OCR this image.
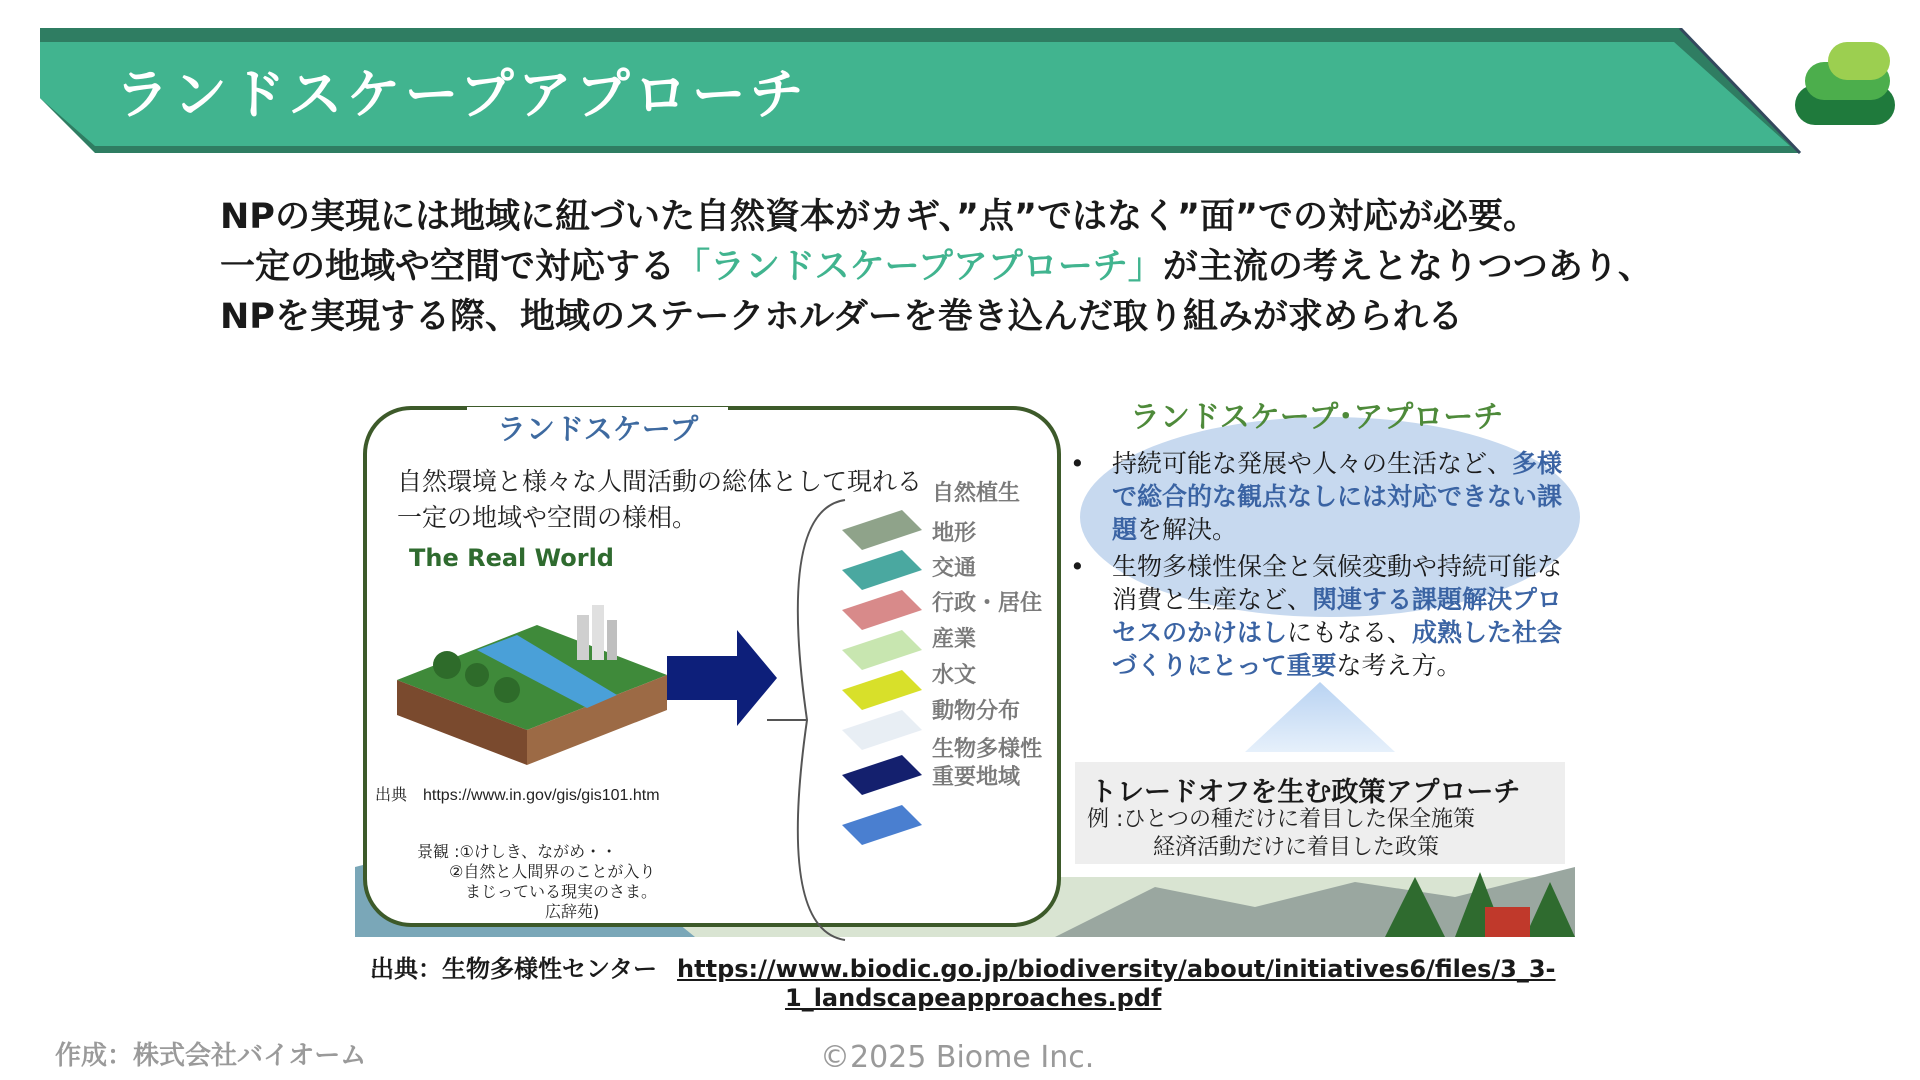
ランドスケープアプローチ
NPの実現には地域に紐づいた自然資本がカギ、”点”ではなく”面”での対応が必要。
一定の地域や空間で対応する「ランドスケープアプローチ」が主流の考えとなりつつあり、
NPを実現する際、地域のステークホルダーを巻き込んだ取り組みが求められる
ランドスケープ
自然環境と様々な人間活動の総体として現れる
一定の地域や空間の様相。
The Real World
出典　https://www.in.gov/gis/gis101.htm
景観 :①けしき、ながめ・・
　　②自然と人間界のことが入り
　　　まじっている現実のさま。
　　　　　　　　広辞苑)
自然植生
地形
交通
行政・居住
産業
水文
動物分布
生物多様性
重要地域
ランドスケープ･アプローチ
• 持続可能な発展や人々の生活など、多様で総合的な観点なしには対応できない課題を解決。
• 生物多様性保全と気候変動や持続可能な消費と生産など、関連する課題解決プロセスのかけはしにもなる、成熟した社会づくりにとって重要な考え方。
トレードオフを生む政策アプローチ
例 :ひとつの種だけに着目した保全施策
　　　経済活動だけに着目した政策
出典：生物多様性センター https://www.biodic.go.jp/biodiversity/about/initiatives6/files/3_3-
1_landscapeapproaches.pdf
作成：株式会社バイオーム	©2025 Biome Inc.
